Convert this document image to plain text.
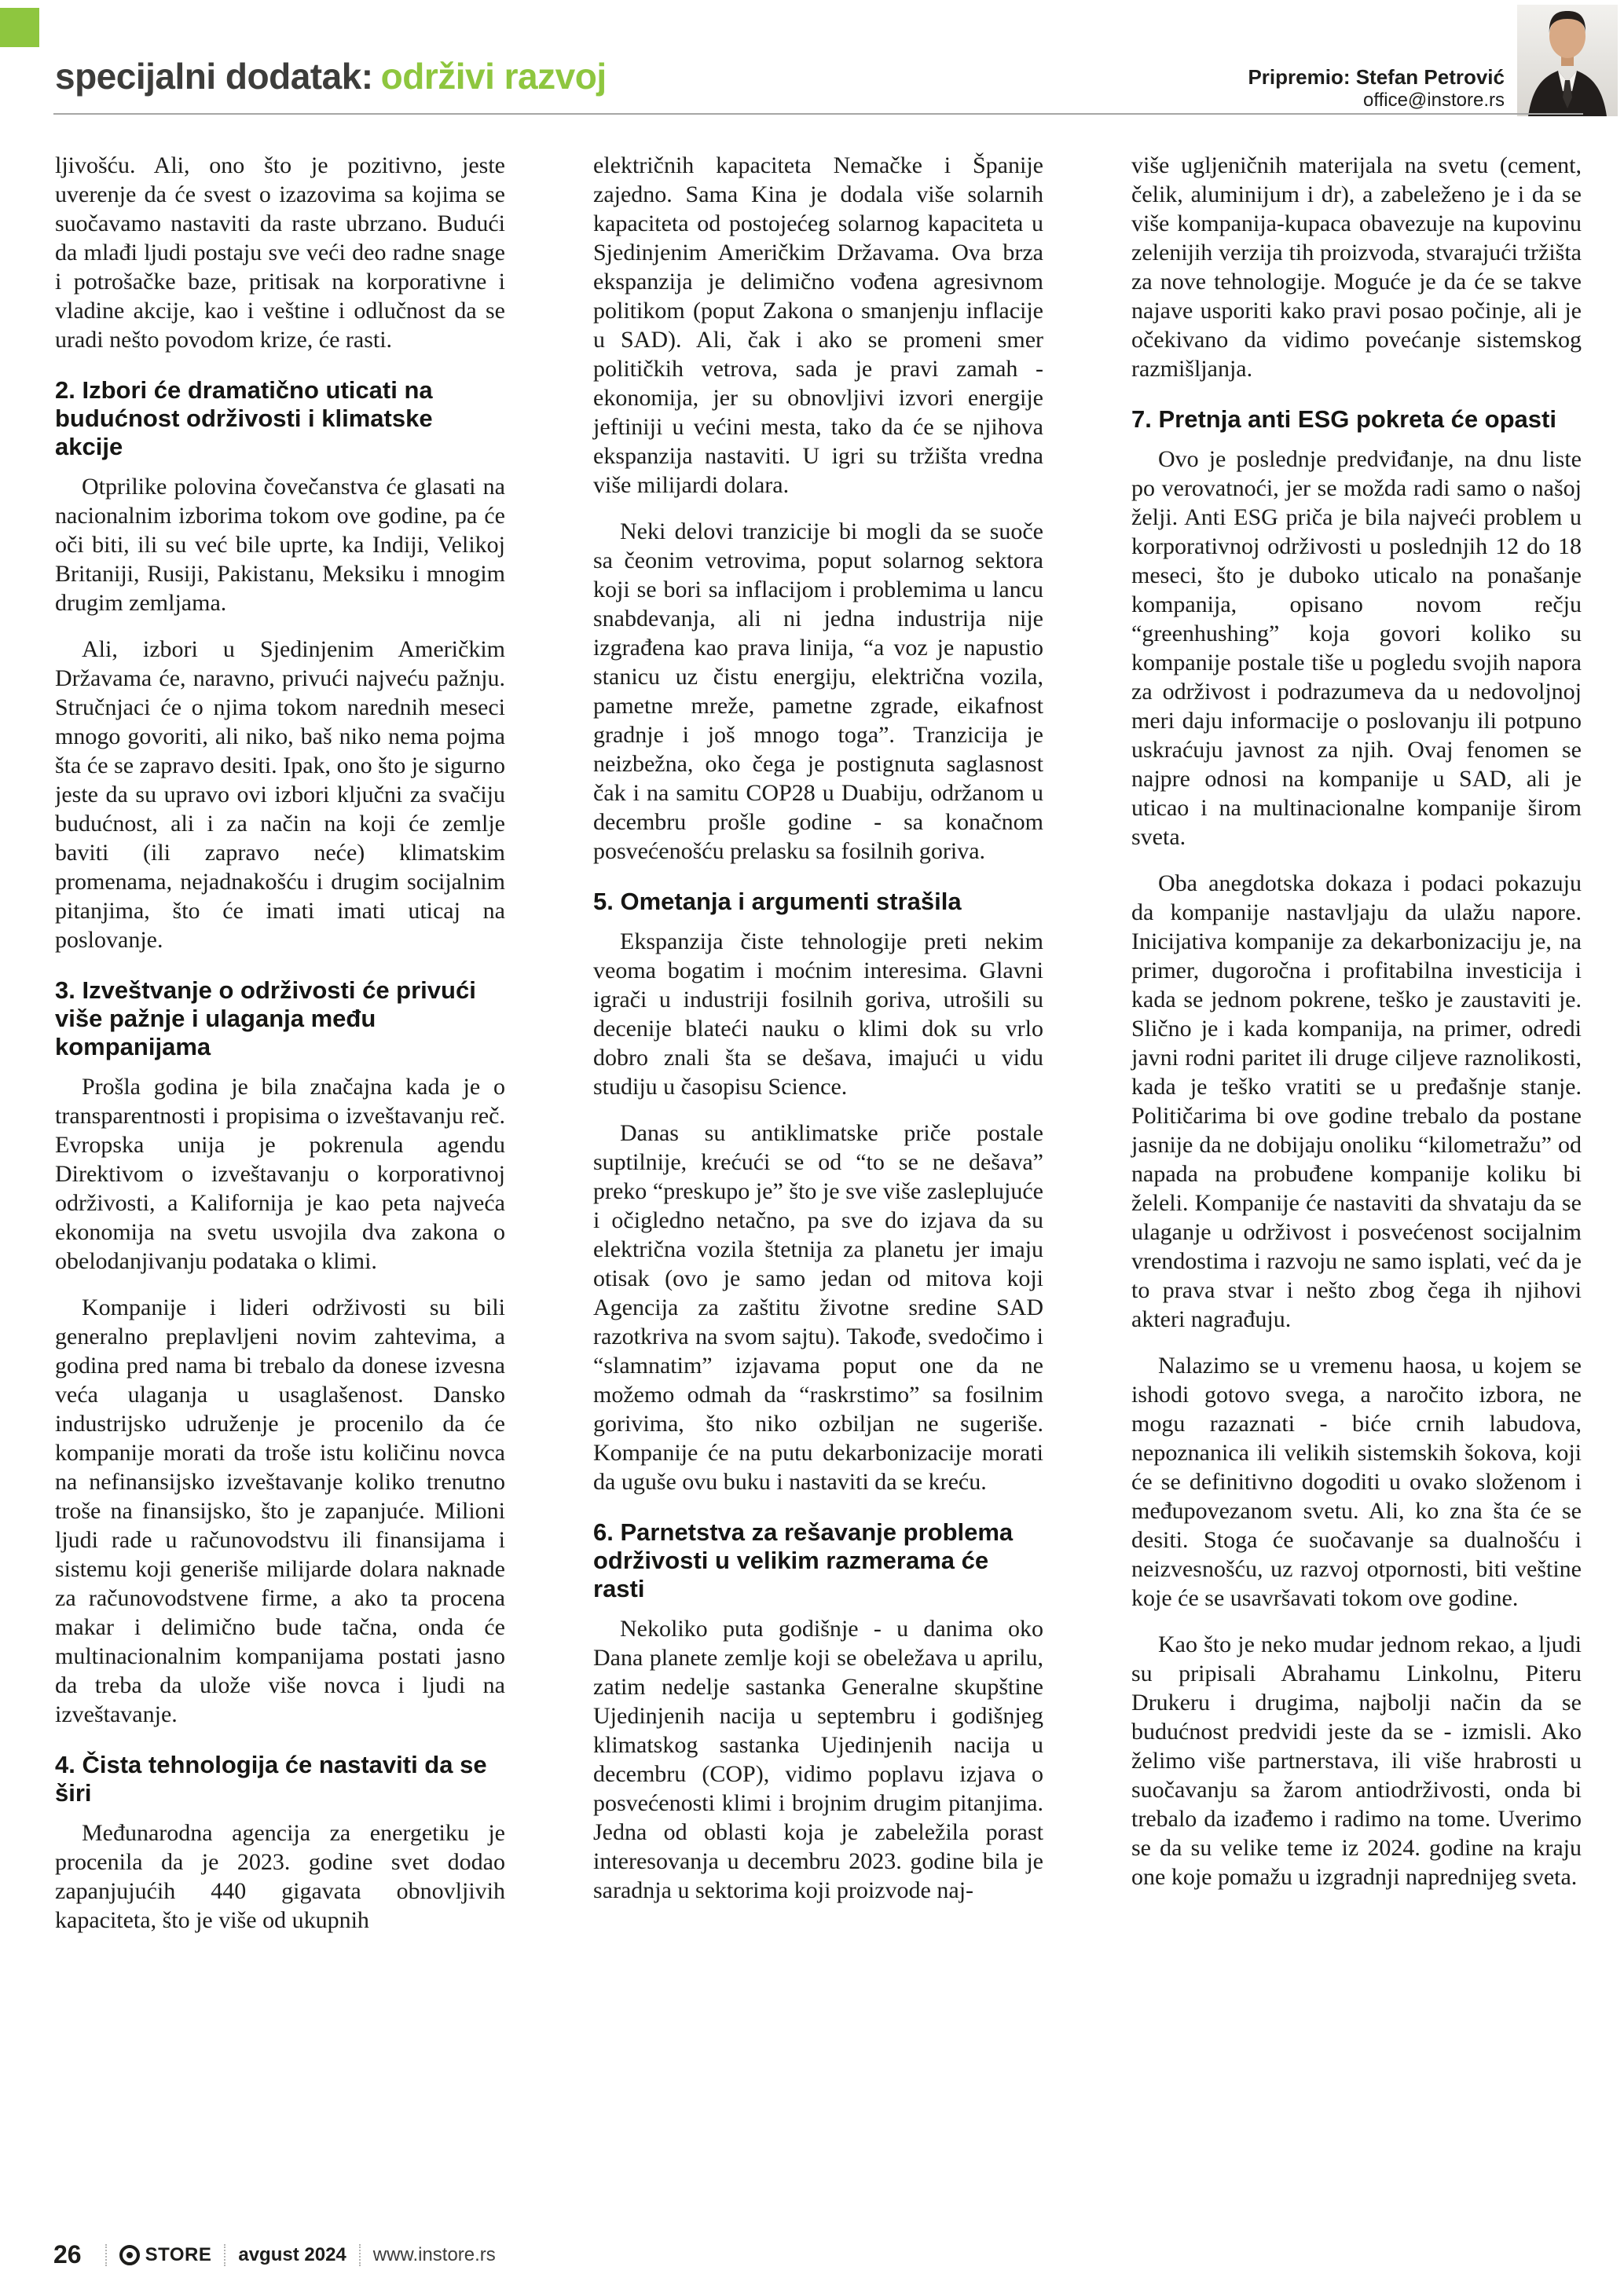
specijalni dodatak: održivi razvoj	Pripremio: Stefan Petrović
office@instore.rs

ljivošću. Ali, ono što je pozitivno, jeste uverenje da će svest o izazovima sa kojima se suočavamo nastaviti da raste ubrzano. Budući da mlađi ljudi postaju sve veći deo radne snage i potrošačke baze, pritisak na korporativne i vladine akcije, kao i veštine i odlučnost da se uradi nešto povodom krize, će rasti.

2. Izbori će dramatično uticati na budućnost održivosti i klimatske akcije

Otprilike polovina čovečanstva će glasati na nacionalnim izborima tokom ove godine, pa će oči biti, ili su već bile uprte, ka Indiji, Velikoj Britaniji, Rusiji, Pakistanu, Meksiku i mnogim drugim zemljama.

Ali, izbori u Sjedinjenim Američkim Državama će, naravno, privući najveću pažnju. Stručnjaci će o njima tokom narednih meseci mnogo govoriti, ali niko, baš niko nema pojma šta će se zapravo desiti. Ipak, ono što je sigurno jeste da su upravo ovi izbori ključni za svačiju budućnost, ali i za način na koji će zemlje baviti (ili zapravo neće) klimatskim promenama, nejadnakošću i drugim socijalnim pitanjima, što će imati imati uticaj na poslovanje.

3. Izveštvanje o održivosti će privući više pažnje i ulaganja među kompanijama

Prošla godina je bila značajna kada je o transparentnosti i propisima o izveštavanju reč. Evropska unija je pokrenula agendu Direktivom o izveštavanju o korporativnoj održivosti, a Kalifornija je kao peta najveća ekonomija na svetu usvojila dva zakona o obelodanjivanju podataka o klimi.

Kompanije i lideri održivosti su bili generalno preplavljeni novim zahtevima, a godina pred nama bi trebalo da donese izvesna veća ulaganja u usaglašenost. Dansko industrijsko udruženje je procenilo da će kompanije morati da troše istu količinu novca na nefinansijsko izveštavanje koliko trenutno troše na finansijsko, što je zapanjuće. Milioni ljudi rade u računovodstvu ili finansijama i sistemu koji generiše milijarde dolara naknade za računovodstvene firme, a ako ta procena makar i delimično bude tačna, onda će multinacionalnim kompanijama postati jasno da treba da ulože više novca i ljudi na izveštavanje.

4. Čista tehnologija će nastaviti da se širi

Međunarodna agencija za energetiku je procenila da je 2023. godine svet dodao zapanjujućih 440 gigavata obnovljivih kapaciteta, što je više od ukupnih

električnih kapaciteta Nemačke i Španije zajedno. Sama Kina je dodala više solarnih kapaciteta od postojećeg solarnog kapaciteta u Sjedinjenim Američkim Državama. Ova brza ekspanzija je delimično vođena agresivnom politikom (poput Zakona o smanjenju inflacije u SAD). Ali, čak i ako se promeni smer političkih vetrova, sada je pravi zamah - ekonomija, jer su obnovljivi izvori energije jeftiniji u većini mesta, tako da će se njihova ekspanzija nastaviti. U igri su tržišta vredna više milijardi dolara.

Neki delovi tranzicije bi mogli da se suoče sa čeonim vetrovima, poput solarnog sektora koji se bori sa inflacijom i problemima u lancu snabdevanja, ali ni jedna industrija nije izgrađena kao prava linija, “a voz je napustio stanicu uz čistu energiju, električna vozila, pametne mreže, pametne zgrade, eikafnost gradnje i još mnogo toga”. Tranzicija je neizbežna, oko čega je postignuta saglasnost čak i na samitu COP28 u Duabiju, održanom u decembru prošle godine - sa konačnom posvećenošću prelasku sa fosilnih goriva.

5. Ometanja i argumenti strašila

Ekspanzija čiste tehnologije preti nekim veoma bogatim i moćnim interesima. Glavni igrači u industriji fosilnih goriva, utrošili su decenije blateći nauku o klimi dok su vrlo dobro znali šta se dešava, imajući u vidu studiju u časopisu Science.

Danas su antiklimatske priče postale suptilnije, krećući se od “to se ne dešava” preko “preskupo je” što je sve više zasleplujuće i očigledno netačno, pa sve do izjava da su električna vozila štetnija za planetu jer imaju otisak (ovo je samo jedan od mitova koji Agencija za zaštitu životne sredine SAD razotkriva na svom sajtu). Takođe, svedočimo i “slamnatim” izjavama poput one da ne možemo odmah da “raskrstimo” sa fosilnim gorivima, što niko ozbiljan ne sugeriše. Kompanije će na putu dekarbonizacije morati da uguše ovu buku i nastaviti da se kreću.

6. Parnetstva za rešavanje problema održivosti u velikim razmerama će rasti

Nekoliko puta godišnje - u danima oko Dana planete zemlje koji se obeležava u aprilu, zatim nedelje sastanka Generalne skupštine Ujedinjenih nacija u septembru i godišnjeg klimatskog sastanka Ujedinjenih nacija u decembru (COP), vidimo poplavu izjava o posvećenosti klimi i brojnim drugim pitanjima. Jedna od oblasti koja je zabeležila porast interesovanja u decembru 2023. godine bila je saradnja u sektorima koji proizvode naj-

više ugljeničnih materijala na svetu (cement, čelik, aluminijum i dr), a zabeleženo je i da se više kompanija-kupaca obavezuje na kupovinu zelenijih verzija tih proizvoda, stvarajući tržišta za nove tehnologije. Moguće je da će se takve najave usporiti kako pravi posao počinje, ali je očekivano da vidimo povećanje sistemskog razmišljanja.

7. Pretnja anti ESG pokreta će opasti

Ovo je poslednje predviđanje, na dnu liste po verovatnoći, jer se možda radi samo o našoj želji. Anti ESG priča je bila najveći problem u korporativnoj održivosti u poslednjih 12 do 18 meseci, što je duboko uticalo na ponašanje kompanija, opisano novom rečju “greenhushing” koja govori koliko su kompanije postale tiše u pogledu svojih napora za održivost i podrazumeva da u nedovoljnoj meri daju informacije o poslovanju ili potpuno uskraćuju javnost za njih. Ovaj fenomen se najpre odnosi na kompanije u SAD, ali je uticao i na multinacionalne kompanije širom sveta.

Oba anegdotska dokaza i podaci pokazuju da kompanije nastavljaju da ulažu napore. Inicijativa kompanije za dekarbonizaciju je, na primer, dugoročna i profitabilna investicija i kada se jednom pokrene, teško je zaustaviti je. Slično je i kada kompanija, na primer, odredi javni rodni paritet ili druge ciljeve raznolikosti, kada je teško vratiti se u pređašnje stanje. Političarima bi ove godine trebalo da postane jasnije da ne dobijaju onoliku “kilometražu” od napada na probuđene kompanije koliku bi želeli. Kompanije će nastaviti da shvataju da se ulaganje u održivost i posvećenost socijalnim vrendostima i razvoju ne samo isplati, već da je to prava stvar i nešto zbog čega ih njihovi akteri nagrađuju.

Nalazimo se u vremenu haosa, u kojem se ishodi gotovo svega, a naročito izbora, ne mogu razaznati - biće crnih labudova, nepoznanica ili velikih sistemskih šokova, koji će se definitivno dogoditi u ovako složenom i međupovezanom svetu. Ali, ko zna šta će se desiti. Stoga će suočavanje sa dualnošću i neizvesnošću, uz razvoj otpornosti, biti veštine koje će se usavršavati tokom ove godine.

Kao što je neko mudar jednom rekao, a ljudi su pripisali Abrahamu Linkolnu, Piteru Drukeru i drugima, najbolji način da se budućnost predvidi jeste da se - izmisli. Ako želimo više partnerstava, ili više hrabrosti u suočavanju sa žarom antiodrživosti, onda bi trebalo da izađemo i radimo na tome. Uverimo se da su velike teme iz 2024. godine na kraju one koje pomažu u izgradnji naprednijeg sveta.

26	STORE avgust 2024 www.instore.rs
